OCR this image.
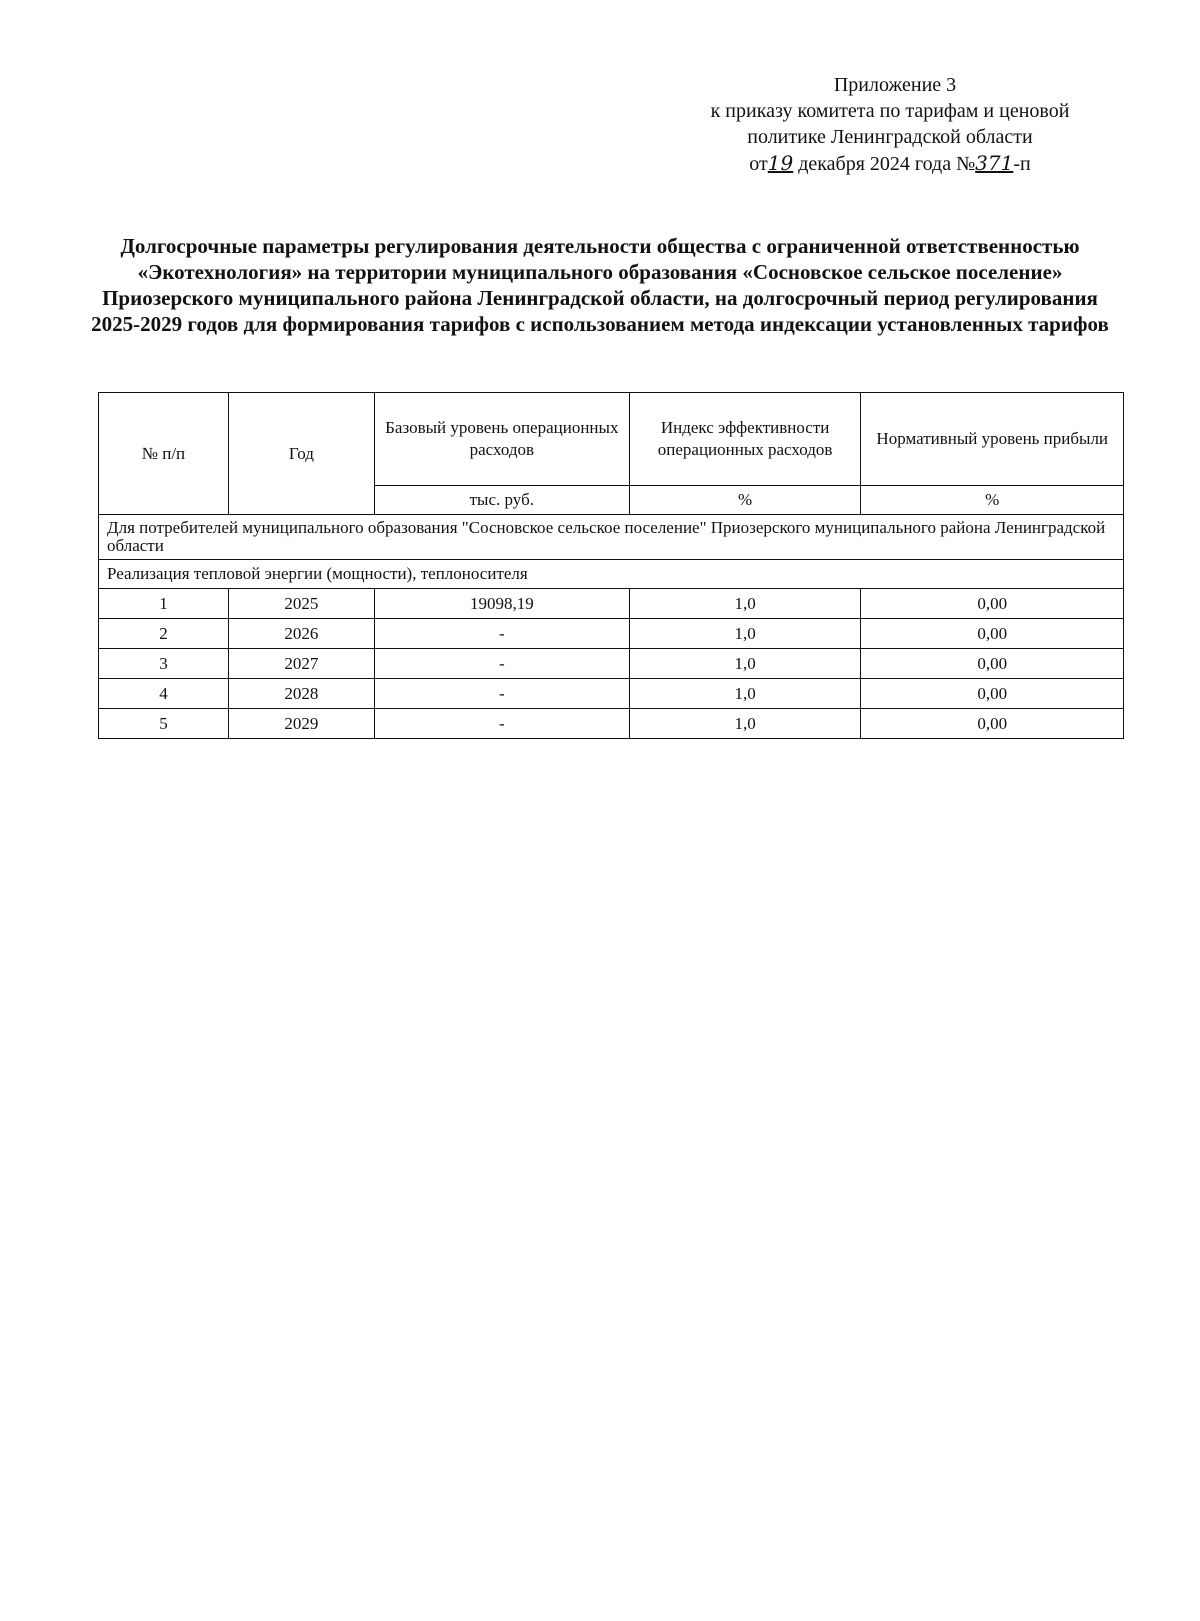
Приложение 3
к приказу комитета по тарифам и ценовой
политике Ленинградской области
от19 декабря 2024 года №371-п
Долгосрочные параметры регулирования деятельности общества с ограниченной ответственностью «Экотехнология» на территории муниципального образования «Сосновское сельское поселение» Приозерского муниципального района Ленинградской области, на долгосрочный период регулирования 2025-2029 годов для формирования тарифов с использованием метода индексации установленных тарифов
№ п/п	Год	Базовый уровень операционных расходов	Индекс эффективности операционных расходов	Нормативный уровень прибыли
		тыс. руб.	%	%
Для потребителей муниципального образования "Сосновское сельское поселение" Приозерского муниципального района Ленинградской области				
Реализация тепловой энергии (мощности), теплоносителя				
1	2025	19098,19	1,0	0,00
2	2026	-	1,0	0,00
3	2027	-	1,0	0,00
4	2028	-	1,0	0,00
5	2029	-	1,0	0,00
